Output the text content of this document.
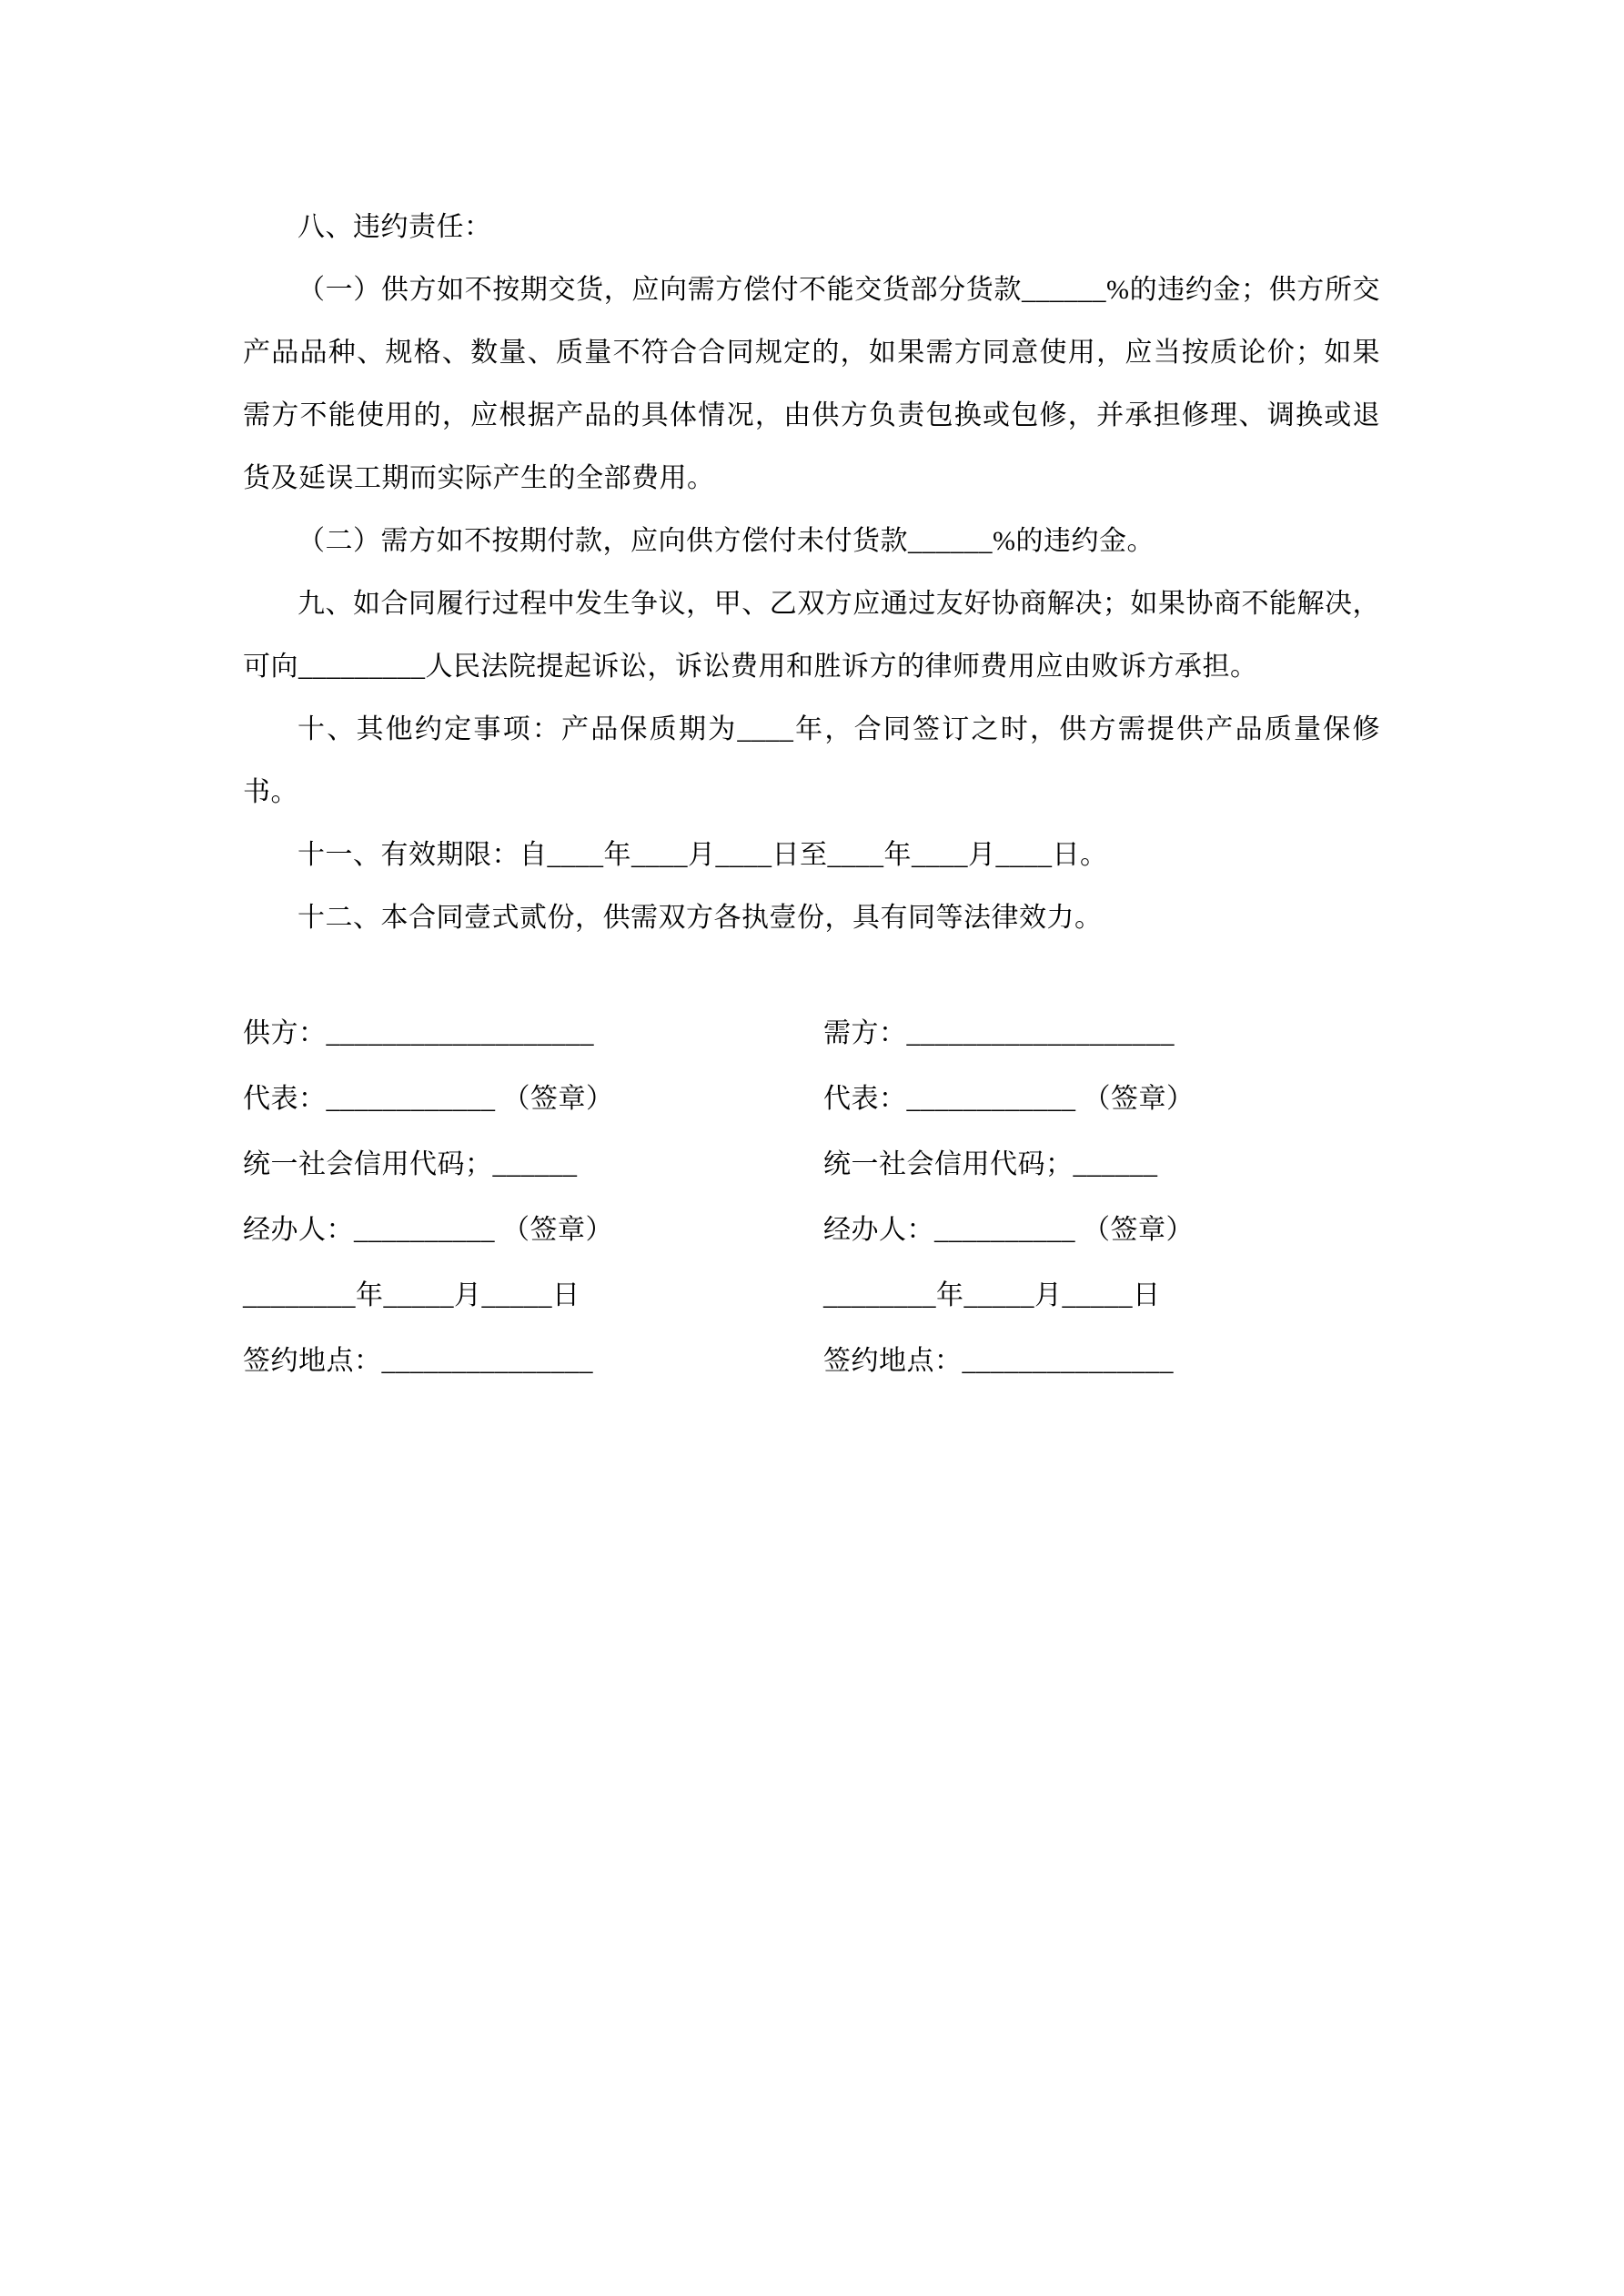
八、违约责任：

（一）供方如不按期交货，应向需方偿付不能交货部分货款______%的违约金；供方所交产品品种、规格、数量、质量不符合合同规定的，如果需方同意使用，应当按质论价；如果需方不能使用的，应根据产品的具体情况，由供方负责包换或包修，并承担修理、调换或退货及延误工期而实际产生的全部费用。

（二）需方如不按期付款，应向供方偿付未付货款______%的违约金。

九、如合同履行过程中发生争议，甲、乙双方应通过友好协商解决；如果协商不能解决，可向_________人民法院提起诉讼，诉讼费用和胜诉方的律师费用应由败诉方承担。

十、其他约定事项：产品保质期为____年，合同签订之时，供方需提供产品质量保修书。

十一、有效期限：自____年____月____日至____年____月____日。

十二、本合同壹式贰份，供需双方各执壹份，具有同等法律效力。

供方：___________________

代表：____________ （签章）

统一社会信用代码；______

经办人：__________ （签章）

________年_____月_____日

签约地点：_______________

需方：___________________

代表：____________ （签章）

统一社会信用代码；______

经办人：__________ （签章）

________年_____月_____日

签约地点：_______________
